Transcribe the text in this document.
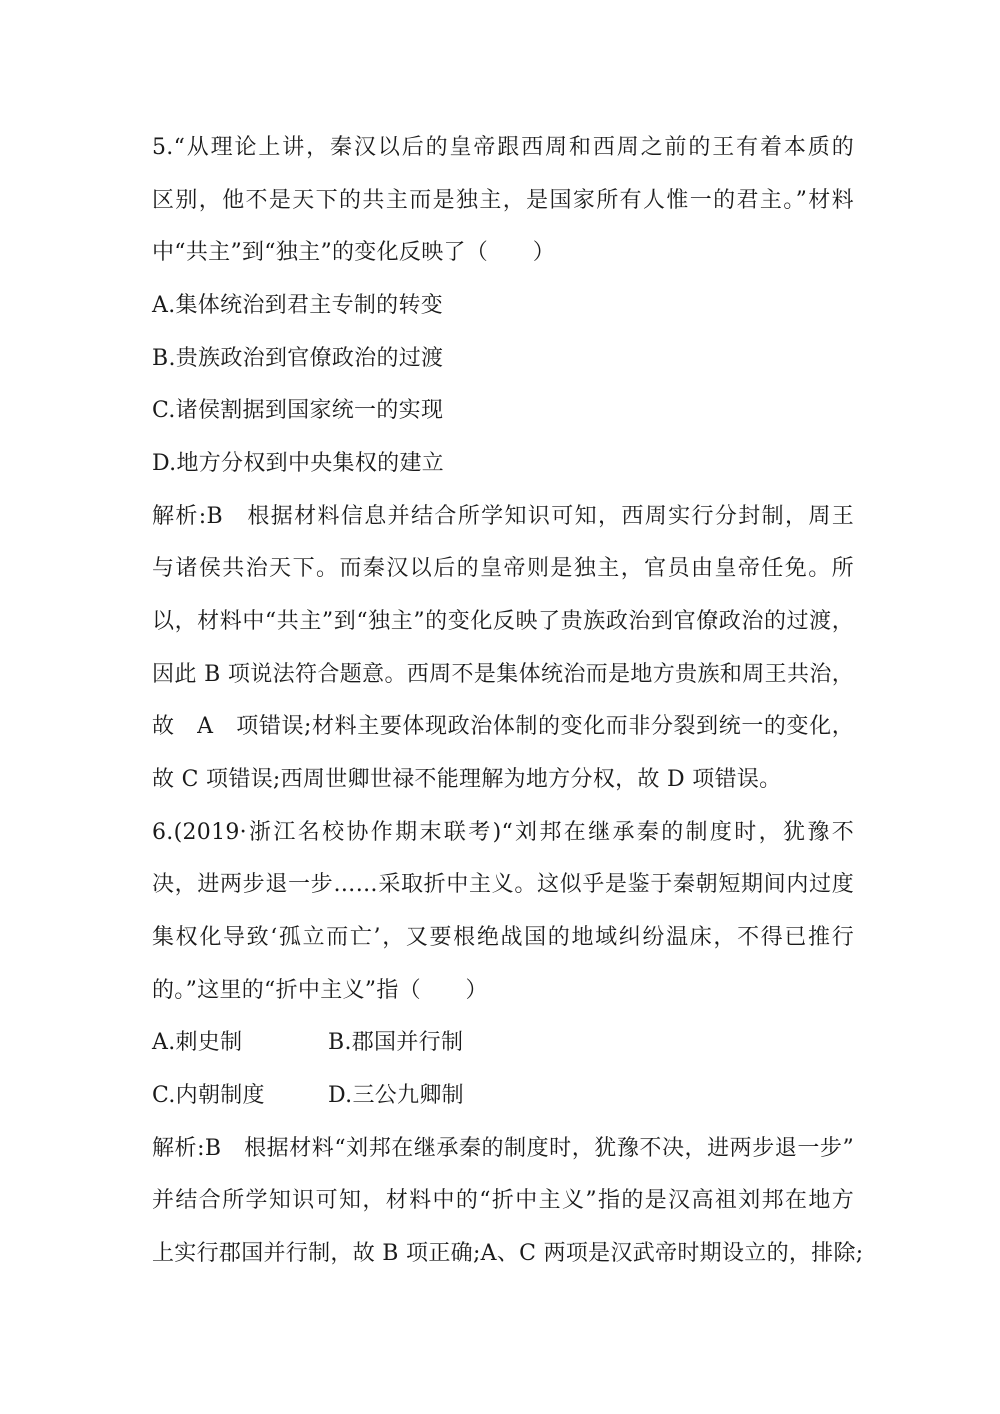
5.“从理论上讲，秦汉以后的皇帝跟西周和西周之前的王有着本质的
区别，他不是天下的共主而是独主，是国家所有人惟一的君主。”材料
中“共主”到“独主”的变化反映了（　　）
A.集体统治到君主专制的转变
B.贵族政治到官僚政治的过渡
C.诸侯割据到国家统一的实现
D.地方分权到中央集权的建立
解析:B　根据材料信息并结合所学知识可知，西周实行分封制，周王
与诸侯共治天下。而秦汉以后的皇帝则是独主，官员由皇帝任免。所
以，材料中“共主”到“独主”的变化反映了贵族政治到官僚政治的过渡，
因此 B 项说法符合题意。西周不是集体统治而是地方贵族和周王共治，
故　A　项错误;材料主要体现政治体制的变化而非分裂到统一的变化，
故 C 项错误;西周世卿世禄不能理解为地方分权，故 D 项错误。
6.(2019·浙江名校协作期末联考)“刘邦在继承秦的制度时，犹豫不
决，进两步退一步……采取折中主义。这似乎是鉴于秦朝短期间内过度
集权化导致‘孤立而亡’，又要根绝战国的地域纠纷温床，不得已推行
的。”这里的“折中主义”指（　　）
A.刺史制	B.郡国并行制
C.内朝制度	D.三公九卿制
解析:B　根据材料“刘邦在继承秦的制度时，犹豫不决，进两步退一步”
并结合所学知识可知，材料中的“折中主义”指的是汉高祖刘邦在地方
上实行郡国并行制，故 B 项正确;A、C 两项是汉武帝时期设立的，排除;
